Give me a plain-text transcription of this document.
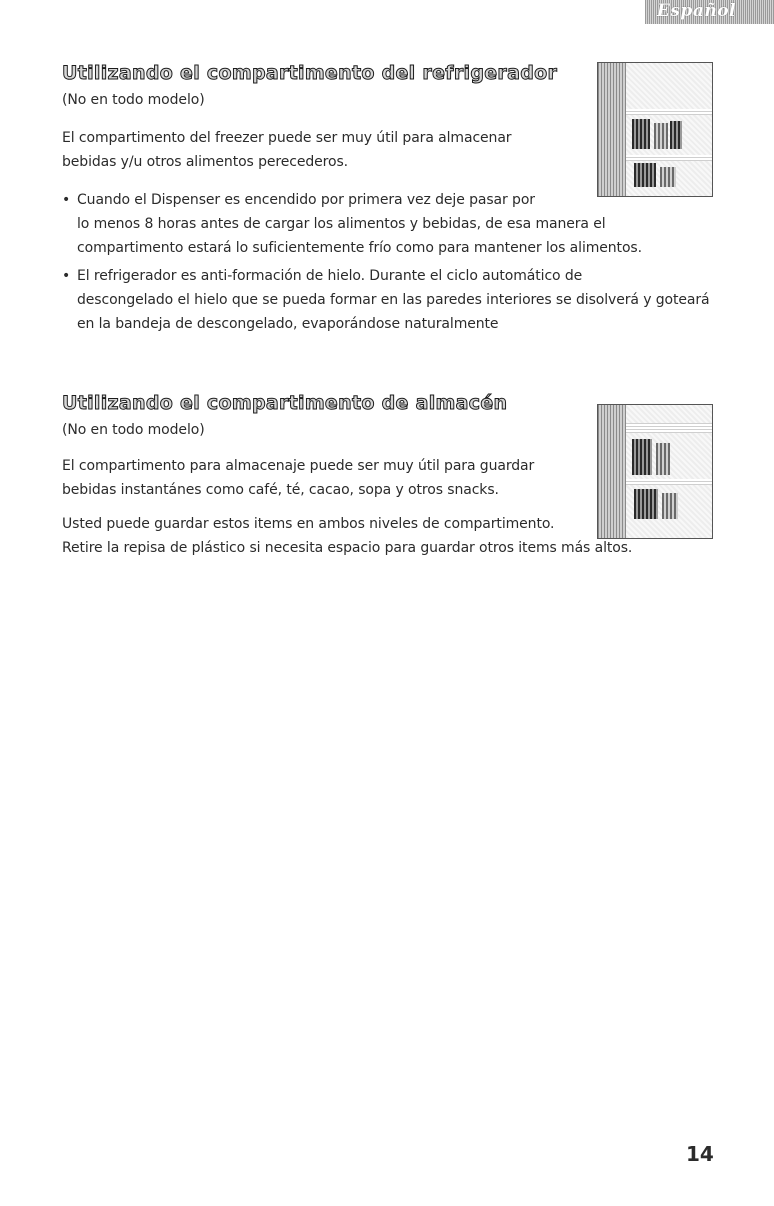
Español
Utilizando el compartimento del refrigerador
(No en todo modelo)
El compartimento del freezer puede ser muy útil para almacenar
bebidas y/u otros alimentos perecederos.

• Cuando el Dispenser es encendido por primera vez deje pasar por
lo menos 8 horas antes de cargar los alimentos y bebidas, de esa manera el compartimento estará lo suficientemente frío como para mantener los alimentos.

• El refrigerador es anti-formación de hielo. Durante el ciclo automático de
descongelado el hielo que se pueda formar en las paredes interiores se disolverá y goteará en la bandeja de descongelado, evaporándose naturalmente

Utilizando el compartimento de almacén
(No en todo modelo)
El compartimento para almacenaje puede ser muy útil para guardar
bebidas instantánes como café, té, cacao, sopa y otros snacks.
Usted puede guardar estos items en ambos niveles de compartimento.
Retire la repisa de plástico si necesita espacio para guardar otros items más altos.
14
